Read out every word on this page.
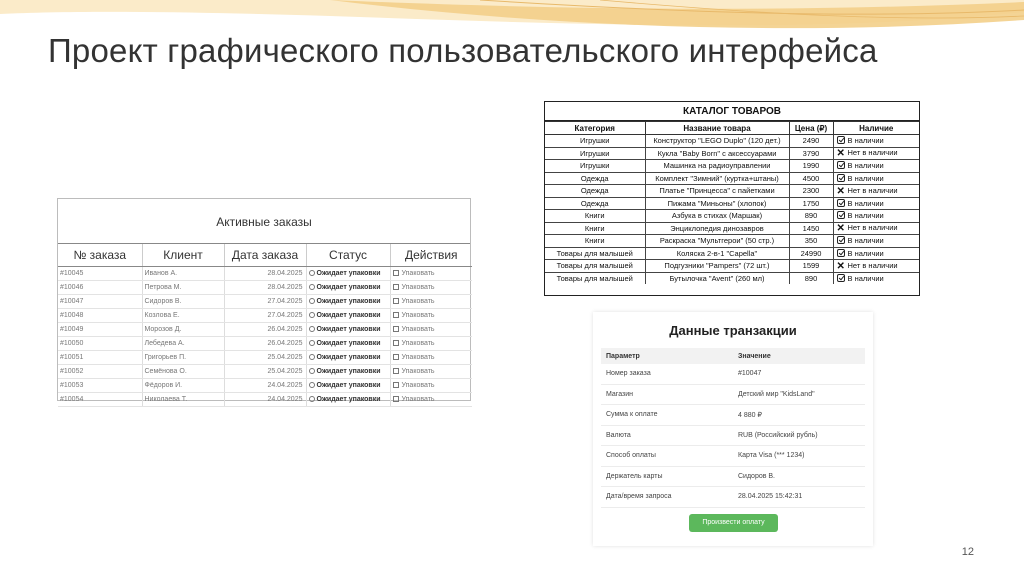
Проект графического пользовательского интерфейса
Активные заказы
№ заказа	Клиент	Дата заказа	Статус	Действия
#10045	Иванов А.	28.04.2025	Ожидает упаковки	Упаковать
#10046	Петрова М.	28.04.2025	Ожидает упаковки	Упаковать
#10047	Сидоров В.	27.04.2025	Ожидает упаковки	Упаковать
#10048	Козлова Е.	27.04.2025	Ожидает упаковки	Упаковать
#10049	Морозов Д.	26.04.2025	Ожидает упаковки	Упаковать
#10050	Лебедева А.	26.04.2025	Ожидает упаковки	Упаковать
#10051	Григорьев П.	25.04.2025	Ожидает упаковки	Упаковать
#10052	Семёнова О.	25.04.2025	Ожидает упаковки	Упаковать
#10053	Фёдоров И.	24.04.2025	Ожидает упаковки	Упаковать
#10054	Николаева Т.	24.04.2025	Ожидает упаковки	Упаковать
КАТАЛОГ ТОВАРОВ
Категория	Название товара	Цена (₽)	Наличие
Игрушки	Конструктор "LEGO Duplo" (120 дет.)	2490	В наличии
Игрушки	Кукла "Baby Born" с аксессуарами	3790	✕ Нет в наличии
Игрушки	Машинка на радиоуправлении	1990	В наличии
Одежда	Комплект "Зимний" (куртка+штаны)	4500	В наличии
Одежда	Платье "Принцесса" с пайетками	2300	✕ Нет в наличии
Одежда	Пижама "Миньоны" (хлопок)	1750	В наличии
Книги	Азбука в стихах (Маршак)	890	В наличии
Книги	Энциклопедия динозавров	1450	✕ Нет в наличии
Книги	Раскраска "Мультгерои" (50 стр.)	350	В наличии
Товары для малышей	Коляска 2-в-1 "Capella"	24990	В наличии
Товары для малышей	Подгузники "Pampers" (72 шт.)	1599	✕ Нет в наличии
Товары для малышей	Бутылочка "Avent" (260 мл)	890	В наличии
Данные транзакции
Параметр	Значение
Номер заказа	#10047
Магазин	Детский мир "KidsLand"
Сумма к оплате	4 880 ₽
Валюта	RUB (Российский рубль)
Способ оплаты	Карта Visa (*** 1234)
Держатель карты	Сидоров В.
Дата/время запроса	28.04.2025 15:42:31
Произвести оплату
12
